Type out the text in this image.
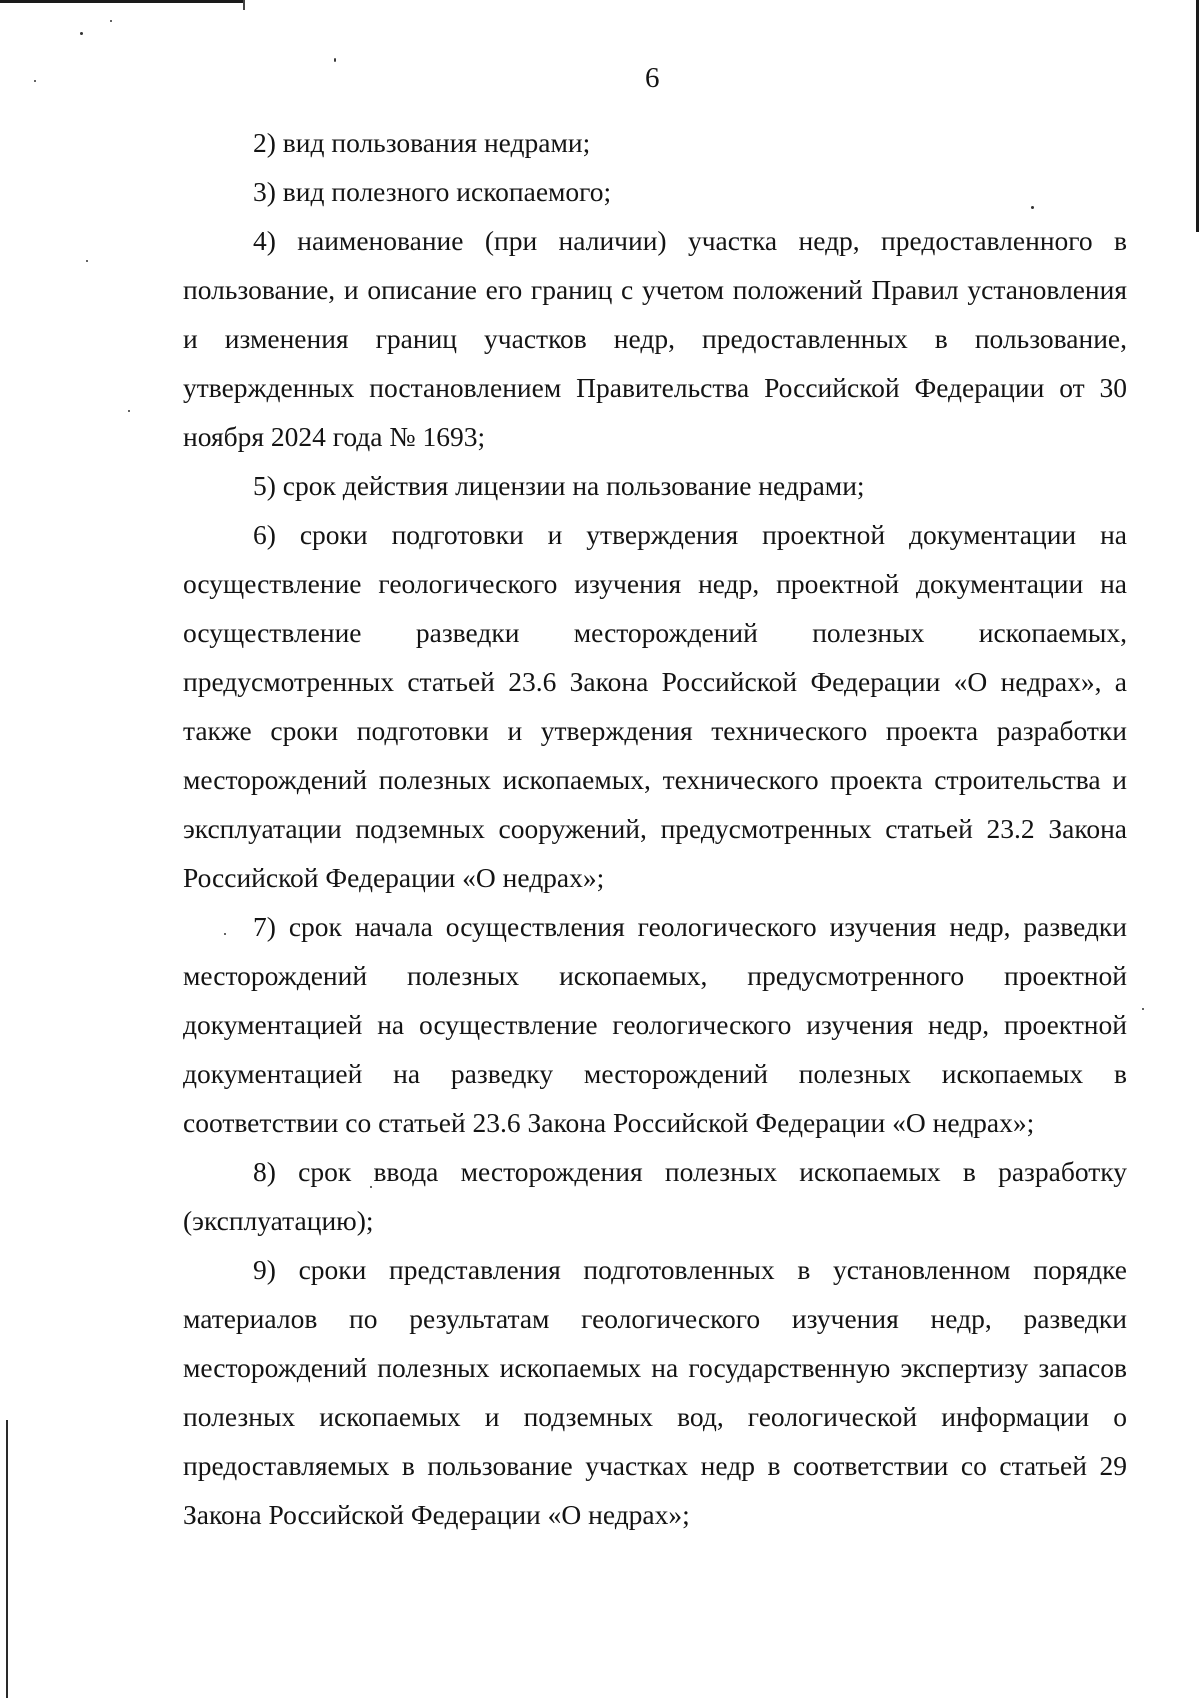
6

2) вид пользования недрами;

3) вид полезного ископаемого;

4) наименование (при наличии) участка недр, предоставленного в пользование, и описание его границ с учетом положений Правил установления и изменения границ участков недр, предоставленных в пользование, утвержденных постановлением Правительства Российской Федерации от 30 ноября 2024 года № 1693;

5) срок действия лицензии на пользование недрами;

6) сроки подготовки и утверждения проектной документации на осуществление геологического изучения недр, проектной документации на осуществление разведки месторождений полезных ископаемых, предусмотренных статьей 23.6 Закона Российской Федерации «О недрах», а также сроки подготовки и утверждения технического проекта разработки месторождений полезных ископаемых, технического проекта строительства и эксплуатации подземных сооружений, предусмотренных статьей 23.2 Закона Российской Федерации «О недрах»;

7) срок начала осуществления геологического изучения недр, разведки месторождений полезных ископаемых, предусмотренного проектной документацией на осуществление геологического изучения недр, проектной документацией на разведку месторождений полезных ископаемых в соответствии со статьей 23.6 Закона Российской Федерации «О недрах»;

8) срок ввода месторождения полезных ископаемых в разработку (эксплуатацию);

9) сроки представления подготовленных в установленном порядке материалов по результатам геологического изучения недр, разведки месторождений полезных ископаемых на государственную экспертизу запасов полезных ископаемых и подземных вод, геологической информации о предоставляемых в пользование участках недр в соответствии со статьей 29 Закона Российской Федерации «О недрах»;
